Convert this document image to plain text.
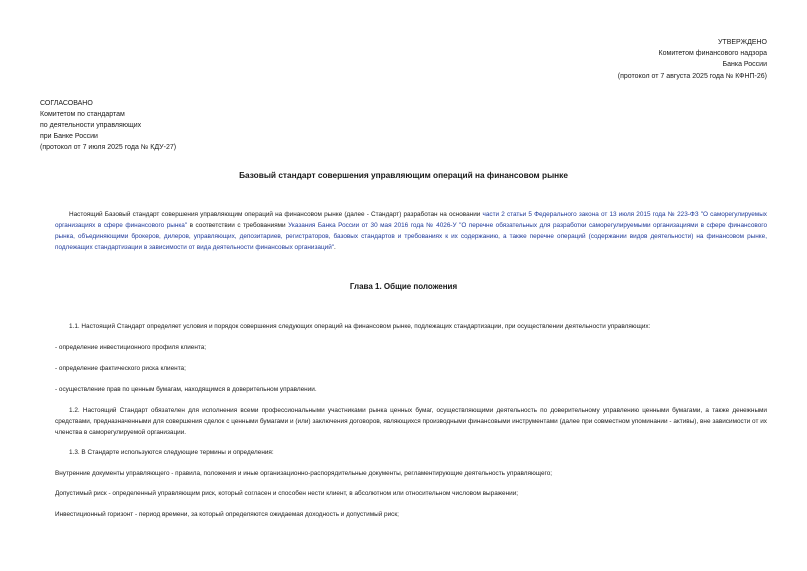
УТВЕРЖДЕНО
Комитетом финансового надзора
Банка России
(протокол от 7 августа 2025 года № КФНП-26)
СОГЛАСОВАНО
Комитетом по стандартам
по деятельности управляющих
при Банке России
(протокол от 7 июля 2025 года № КДУ-27)
Базовый стандарт совершения управляющим операций на финансовом рынке
Настоящий Базовый стандарт совершения управляющим операций на финансовом рынке (далее - Стандарт) разработан на основании части 2 статьи 5 Федерального закона от 13 июля 2015 года № 223-ФЗ "О саморегулируемых организациях в сфере финансового рынка" в соответствии с требованиями Указания Банка России от 30 мая 2016 года № 4026-У "О перечне обязательных для разработки саморегулируемыми организациями в сфере финансового рынка, объединяющими брокеров, дилеров, управляющих, депозитариев, регистраторов, базовых стандартов и требованиях к их содержанию, а также перечне операций (содержании видов деятельности) на финансовом рынке, подлежащих стандартизации в зависимости от вида деятельности финансовых организаций".
Глава 1. Общие положения
1.1. Настоящий Стандарт определяет условия и порядок совершения следующих операций на финансовом рынке, подлежащих стандартизации, при осуществлении деятельности управляющих:
- определение инвестиционного профиля клиента;
- определение фактического риска клиента;
- осуществление прав по ценным бумагам, находящимся в доверительном управлении.
1.2. Настоящий Стандарт обязателен для исполнения всеми профессиональными участниками рынка ценных бумаг, осуществляющими деятельность по доверительному управлению ценными бумагами, а также денежными средствами, предназначенными для совершения сделок с ценными бумагами и (или) заключения договоров, являющихся производными финансовыми инструментами (далее при совместном упоминании - активы), вне зависимости от их членства в саморегулируемой организации.
1.3. В Стандарте используются следующие термины и определения:
Внутренние документы управляющего - правила, положения и иные организационно-распорядительные документы, регламентирующие деятельность управляющего;
Допустимый риск - определенный управляющим риск, который согласен и способен нести клиент, в абсолютном или относительном числовом выражении;
Инвестиционный горизонт - период времени, за который определяются ожидаемая доходность и допустимый риск;
